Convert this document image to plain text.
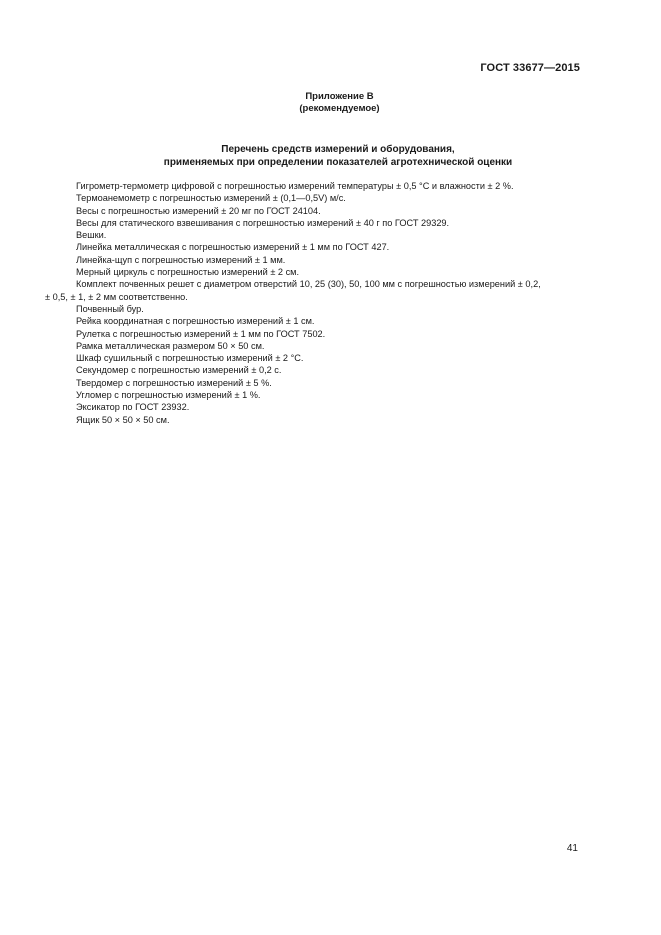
ГОСТ 33677—2015
Приложение В
(рекомендуемое)
Перечень средств измерений и оборудования,
применяемых при определении показателей агротехнической оценки
Гигрометр-термометр цифровой с погрешностью измерений температуры ± 0,5 °С и влажности ± 2 %.
Термоанемометр с погрешностью измерений ± (0,1—0,5V) м/с.
Весы с погрешностью измерений ± 20 мг по ГОСТ 24104.
Весы для статического взвешивания с погрешностью измерений ± 40 г по ГОСТ 29329.
Вешки.
Линейка металлическая с погрешностью измерений ± 1 мм по ГОСТ 427.
Линейка-щуп с погрешностью измерений ± 1 мм.
Мерный циркуль с погрешностью измерений ± 2 см.
Комплект почвенных решет с диаметром отверстий 10, 25 (30), 50, 100 мм с погрешностью измерений ± 0,2,
± 0,5, ± 1, ± 2 мм соответственно.
Почвенный бур.
Рейка координатная с погрешностью измерений ± 1 см.
Рулетка с погрешностью измерений ± 1 мм по ГОСТ 7502.
Рамка металлическая размером 50 × 50 см.
Шкаф сушильный с погрешностью измерений ± 2 °С.
Секундомер с погрешностью измерений ± 0,2 с.
Твердомер с погрешностью измерений ± 5 %.
Угломер с погрешностью измерений ± 1 %.
Эксикатор по ГОСТ 23932.
Ящик 50 × 50 × 50 см.
41
